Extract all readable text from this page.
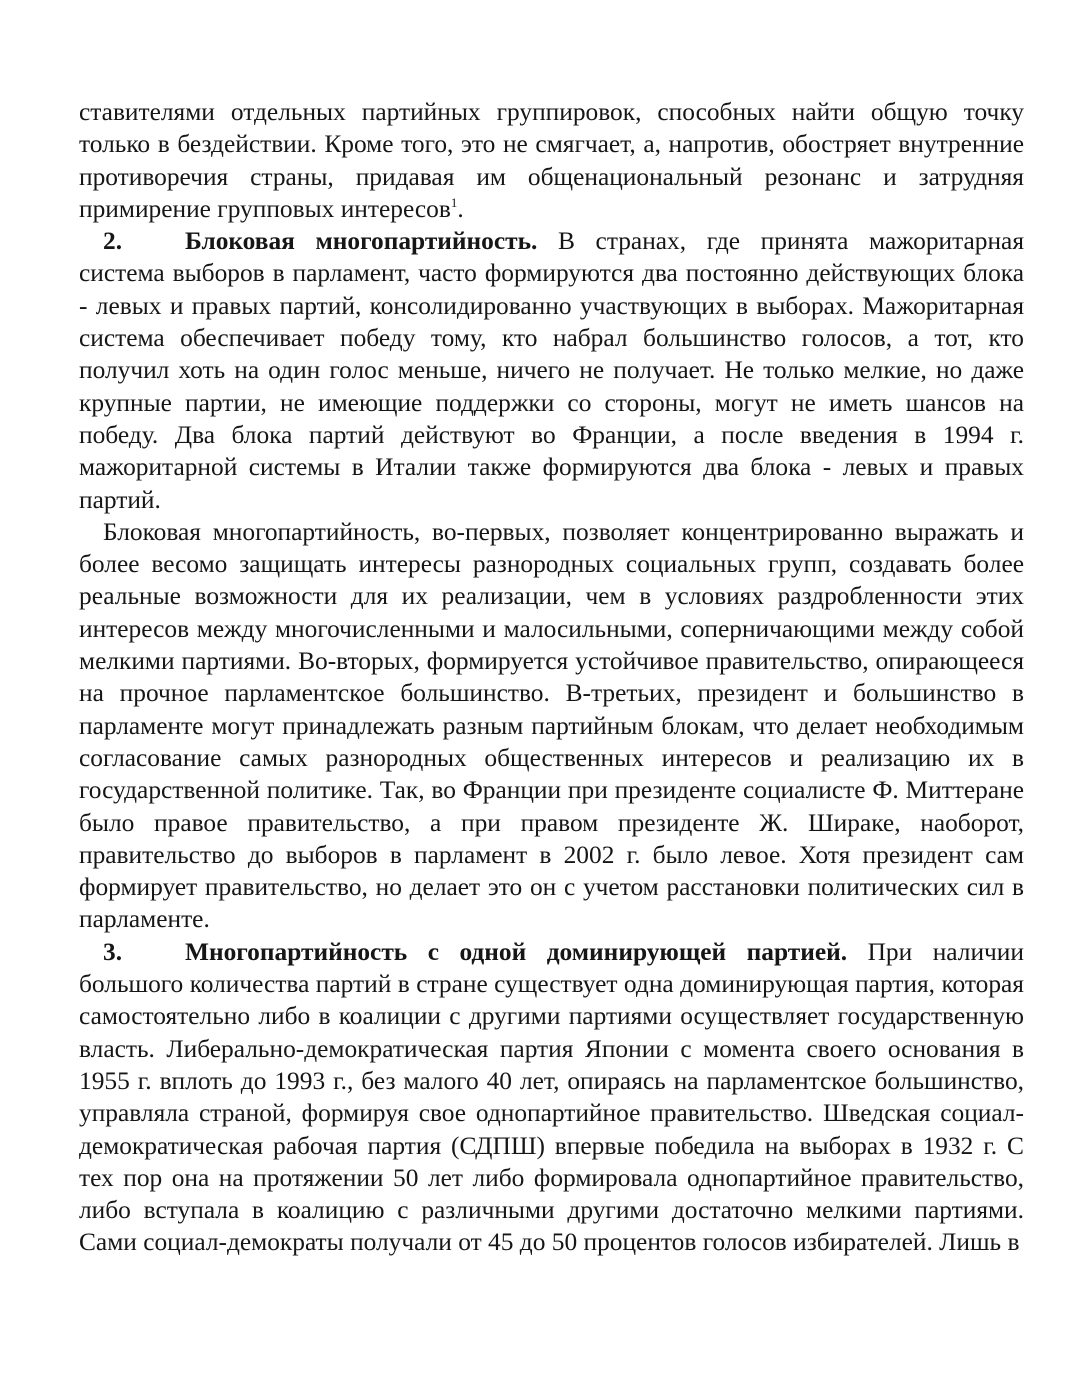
ставителями отдельных партийных группировок, способных найти общую точку только в бездействии. Кроме того, это не смягчает, а, напротив, обостряет внутренние противоречия страны, придавая им общенациональный резонанс и затрудняя примирение групповых интересов$^1$.

2. Блоковая многопартийность. В странах, где принята мажоритарная система выборов в парламент, часто формируются два постоянно действующих блока - левых и правых партий, консолидированно участвующих в выборах. Мажоритарная система обеспечивает победу тому, кто набрал большинство голосов, а тот, кто получил хоть на один голос меньше, ничего не получает. Не только мелкие, но даже крупные партии, не имеющие поддержки со стороны, могут не иметь шансов на победу. Два блока партий действуют во Франции, а после введения в 1994 г. мажоритарной системы в Италии также формируются два блока - левых и правых партий.

Блоковая многопартийность, во-первых, позволяет концентрированно выражать и более весомо защищать интересы разнородных социальных групп, создавать более реальные возможности для их реализации, чем в условиях раздробленности этих интересов между многочисленными и малосильными, соперничающими между собой мелкими партиями. Во-вторых, формируется устойчивое правительство, опирающееся на прочное парламентское большинство. В-третьих, президент и большинство в парламенте могут принадлежать разным партийным блокам, что делает необходимым согласование самых разнородных общественных интересов и реализацию их в государственной политике. Так, во Франции при президенте социалисте Ф. Миттеране было правое правительство, а при правом президенте Ж. Шираке, наоборот, правительство до выборов в парламент в 2002 г. было левое. Хотя президент сам формирует правительство, но делает это он с учетом расстановки политических сил в парламенте.

3. Многопартийность с одной доминирующей партией. При наличии большого количества партий в стране существует одна доминирующая партия, которая самостоятельно либо в коалиции с другими партиями осуществляет государственную власть. Либерально-демократическая партия Японии с момента своего основания в 1955 г. вплоть до 1993 г., без малого 40 лет, опираясь на парламентское большинство, управляла страной, формируя свое однопартийное правительство. Шведская социал-демократическая рабочая партия (СДПШ) впервые победила на выборах в 1932 г. С тех пор она на протяжении 50 лет либо формировала однопартийное правительство, либо вступала в коалицию с различными другими достаточно мелкими партиями. Сами социал-демократы получали от 45 до 50 процентов голосов избирателей. Лишь в
